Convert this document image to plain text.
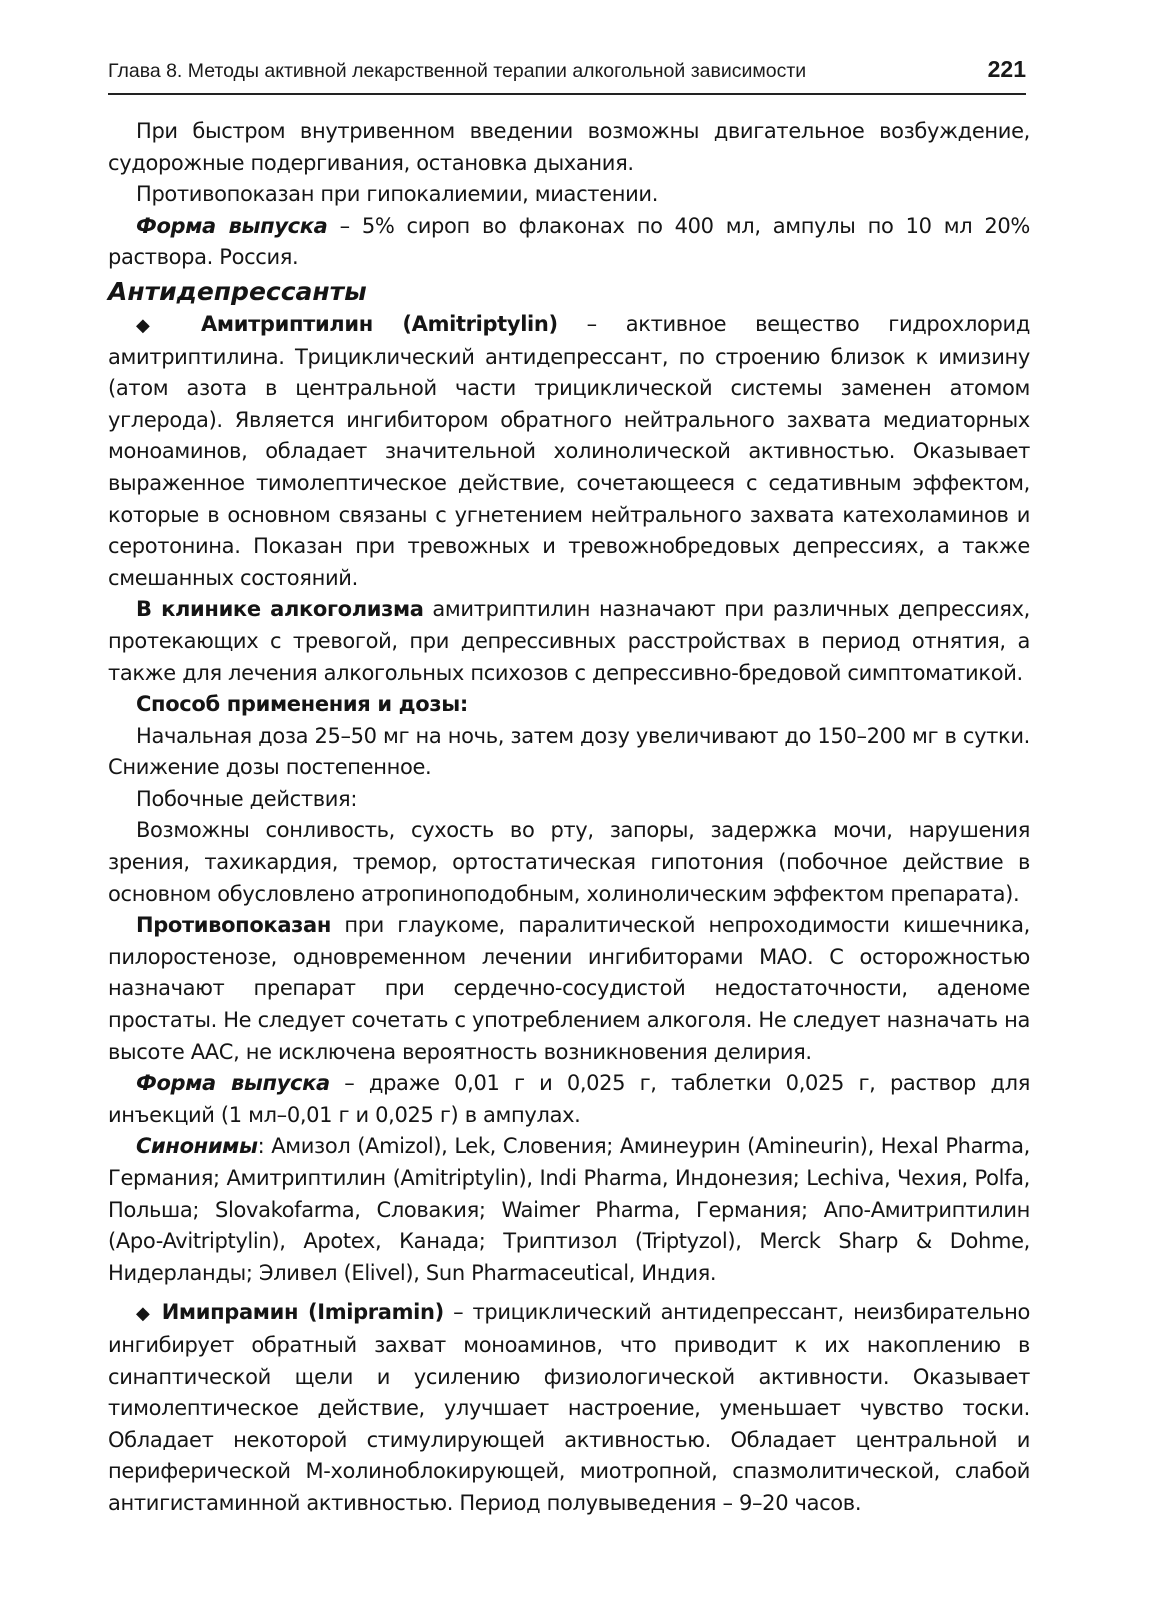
Глава 8. Методы активной лекарственной терапии алкогольной зависимости	221

При быстром внутривенном введении возможны двигательное возбуждение, судорожные подергивания, остановка дыхания.

Противопоказан при гипокалиемии, миастении.

Форма выпуска – 5% сироп во флаконах по 400 мл, ампулы по 10 мл 20% раствора. Россия.

Антидепрессанты

◆ Амитриптилин (Amitriptylin) – активное вещество гидрохлорид амитриптилина. Трициклический антидепрессант, по строению близок к имизину (атом азота в центральной части трициклической системы заменен атомом углерода). Является ингибитором обратного нейтрального захвата медиаторных моноаминов, обладает значительной холинолической активностью. Оказывает выраженное тимолептическое действие, сочетающееся с седативным эффектом, которые в основном связаны с угнетением нейтрального захвата катехоламинов и серотонина. Показан при тревожных и тревожнобредовых депрессиях, а также смешанных состояний.

В клинике алкоголизма амитриптилин назначают при различных депрессиях, протекающих с тревогой, при депрессивных расстройствах в период отнятия, а также для лечения алкогольных психозов с депрессивно-бредовой симптоматикой.

Способ применения и дозы:

Начальная доза 25–50 мг на ночь, затем дозу увеличивают до 150–200 мг в сутки. Снижение дозы постепенное.

Побочные действия:

Возможны сонливость, сухость во рту, запоры, задержка мочи, нарушения зрения, тахикардия, тремор, ортостатическая гипотония (побочное действие в основном обусловлено атропиноподобным, холинолическим эффектом препарата).

Противопоказан при глаукоме, паралитической непроходимости кишечника, пилоростенозе, одновременном лечении ингибиторами МАО. С осторожностью назначают препарат при сердечно-сосудистой недостаточности, аденоме простаты. Не следует сочетать с употреблением алкоголя. Не следует назначать на высоте ААС, не исключена вероятность возникновения делирия.

Форма выпуска – драже 0,01 г и 0,025 г, таблетки 0,025 г, раствор для инъекций (1 мл–0,01 г и 0,025 г) в ампулах.

Синонимы: Амизол (Amizol), Lek, Словения; Аминеурин (Amineurin), Hexal Pharma, Германия; Амитриптилин (Amitriptylin), Indi Pharma, Индонезия; Lechiva, Чехия, Polfa, Польша; Slovakofarma, Словакия; Waimer Pharma, Германия; Апо-Амитриптилин (Apo-Avitriptylin), Apotex, Канада; Триптизол (Triptyzol), Merck Sharp & Dohme, Нидерланды; Эливел (Elivel), Sun Pharmaceutical, Индия.

◆ Имипрамин (Imipramin) – трициклический антидепрессант, неизбирательно ингибирует обратный захват моноаминов, что приводит к их накоплению в синаптической щели и усилению физиологической активности. Оказывает тимолептическое действие, улучшает настроение, уменьшает чувство тоски. Обладает некоторой стимулирующей активностью. Обладает центральной и периферической М-холиноблокирующей, миотропной, спазмолитической, слабой антигистаминной активностью. Период полувыведения – 9–20 часов.
